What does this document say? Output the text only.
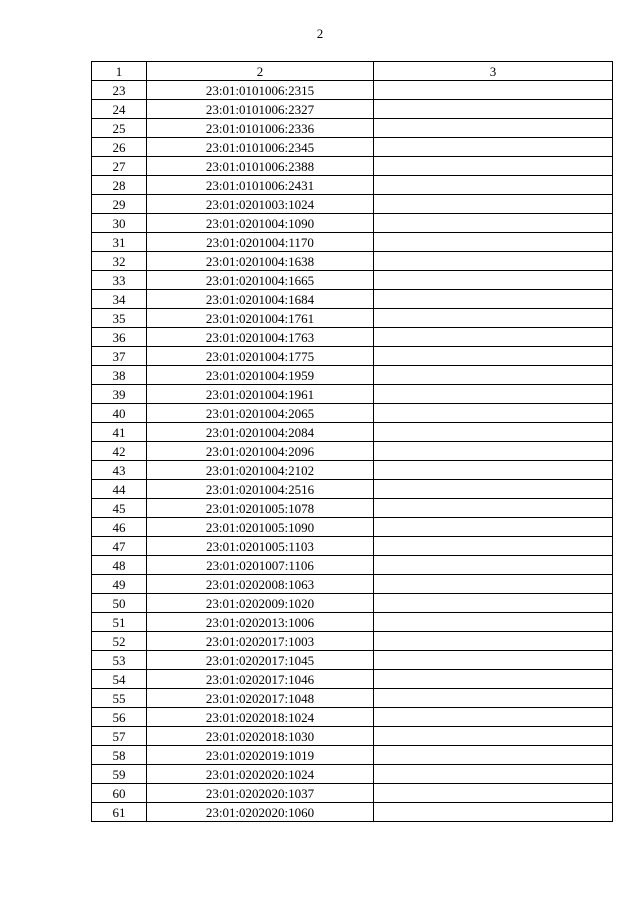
2
1	2	3
23	23:01:0101006:2315	
24	23:01:0101006:2327	
25	23:01:0101006:2336	
26	23:01:0101006:2345	
27	23:01:0101006:2388	
28	23:01:0101006:2431	
29	23:01:0201003:1024	
30	23:01:0201004:1090	
31	23:01:0201004:1170	
32	23:01:0201004:1638	
33	23:01:0201004:1665	
34	23:01:0201004:1684	
35	23:01:0201004:1761	
36	23:01:0201004:1763	
37	23:01:0201004:1775	
38	23:01:0201004:1959	
39	23:01:0201004:1961	
40	23:01:0201004:2065	
41	23:01:0201004:2084	
42	23:01:0201004:2096	
43	23:01:0201004:2102	
44	23:01:0201004:2516	
45	23:01:0201005:1078	
46	23:01:0201005:1090	
47	23:01:0201005:1103	
48	23:01:0201007:1106	
49	23:01:0202008:1063	
50	23:01:0202009:1020	
51	23:01:0202013:1006	
52	23:01:0202017:1003	
53	23:01:0202017:1045	
54	23:01:0202017:1046	
55	23:01:0202017:1048	
56	23:01:0202018:1024	
57	23:01:0202018:1030	
58	23:01:0202019:1019	
59	23:01:0202020:1024	
60	23:01:0202020:1037	
61	23:01:0202020:1060	
